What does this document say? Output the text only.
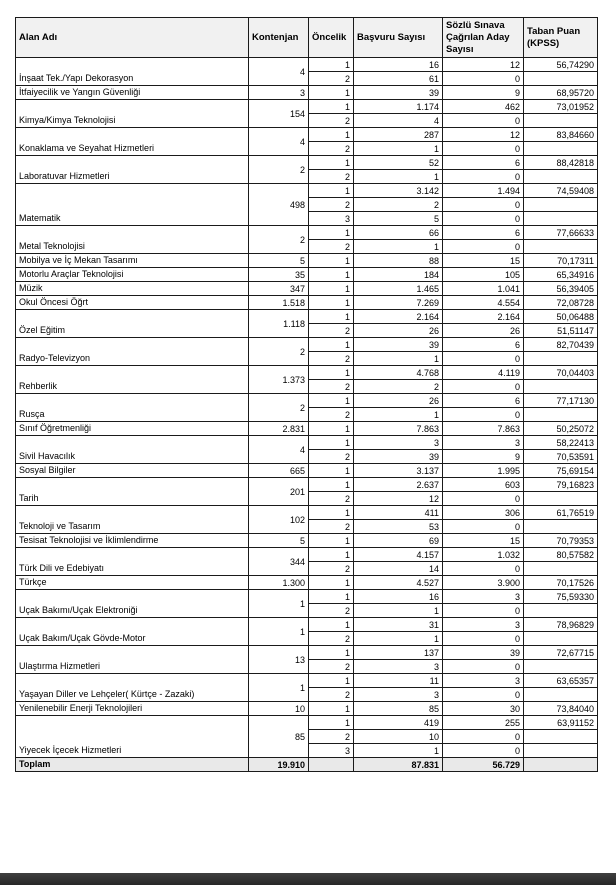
Alan Adı	Kontenjan	Öncelik	Başvuru Sayısı	Sözlü Sınava Çağrılan Aday Sayısı	Taban Puan (KPSS)
İnşaat Tek./Yapı Dekorasyon	4	1	16	12	56,74290
		2	61	0	
İtfaiyecilik ve Yangın Güvenliği	3	1	39	9	68,95720
Kimya/Kimya Teknolojisi	154	1	1.174	462	73,01952
		2	4	0	
Konaklama ve Seyahat Hizmetleri	4	1	287	12	83,84660
		2	1	0	
Laboratuvar Hizmetleri	2	1	52	6	88,42818
		2	1	0	
Matematik	498	1	3.142	1.494	74,59408
		2	2	0	
		3	5	0	
Metal Teknolojisi	2	1	66	6	77,66633
		2	1	0	
Mobilya ve İç Mekan Tasarımı	5	1	88	15	70,17311
Motorlu Araçlar Teknolojisi	35	1	184	105	65,34916
Müzik	347	1	1.465	1.041	56,39405
Okul Öncesi Öğrt	1.518	1	7.269	4.554	72,08728
Özel Eğitim	1.118	1	2.164	2.164	50,06488
		2	26	26	51,51147
Radyo-Televizyon	2	1	39	6	82,70439
		2	1	0	
Rehberlik	1.373	1	4.768	4.119	70,04403
		2	2	0	
Rusça	2	1	26	6	77,17130
		2	1	0	
Sınıf Öğretmenliği	2.831	1	7.863	7.863	50,25072
Sivil Havacılık	4	1	3	3	58,22413
		2	39	9	70,53591
Sosyal Bilgiler	665	1	3.137	1.995	75,69154
Tarih	201	1	2.637	603	79,16823
		2	12	0	
Teknoloji ve Tasarım	102	1	411	306	61,76519
		2	53	0	
Tesisat Teknolojisi ve İklimlendirme	5	1	69	15	70,79353
Türk Dili ve Edebiyatı	344	1	4.157	1.032	80,57582
		2	14	0	
Türkçe	1.300	1	4.527	3.900	70,17526
Uçak Bakımı/Uçak Elektroniği	1	1	16	3	75,59330
		2	1	0	
Uçak Bakım/Uçak Gövde-Motor	1	1	31	3	78,96829
		2	1	0	
Ulaştırma Hizmetleri	13	1	137	39	72,67715
		2	3	0	
Yaşayan Diller ve Lehçeler( Kürtçe - Zazaki)	1	1	11	3	63,65357
		2	3	0	
Yenilenebilir Enerji Teknolojileri	10	1	85	30	73,84040
Yiyecek İçecek Hizmetleri	85	1	419	255	63,91152
		2	10	0	
		3	1	0	
Toplam	19.910		87.831	56.729	
